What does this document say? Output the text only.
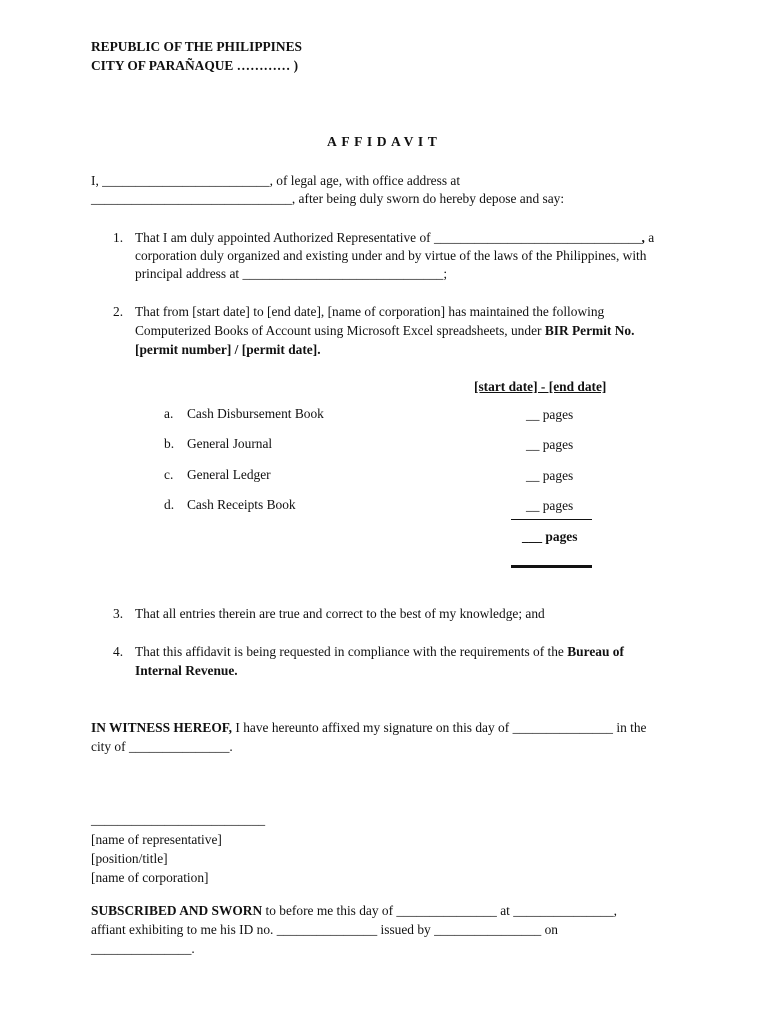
REPUBLIC OF THE PHILIPPINES
CITY OF PARAÑAQUE ………… )
AFFIDAVIT
I, _________________________, of legal age, with office address at
______________________________, after being duly sworn do hereby depose and say:
1. That I am duly appointed Authorized Representative of _______________________________, a
corporation duly organized and existing under and by virtue of the laws of the Philippines, with
principal address at ______________________________;
2. That from [start date] to [end date], [name of corporation] has maintained the following
Computerized Books of Account using Microsoft Excel spreadsheets, under BIR Permit No.
[permit number] / [permit date].
[start date] - [end date]
a. Cash Disbursement Book	__ pages
b. General Journal	__ pages
c. General Ledger	__ pages
d. Cash Receipts Book	__ pages
___ pages
3. That all entries therein are true and correct to the best of my knowledge; and
4. That this affidavit is being requested in compliance with the requirements of the Bureau of
Internal Revenue.
IN WITNESS HEREOF, I have hereunto affixed my signature on this day of _______________ in the
city of _______________.
__________________________
[name of representative]
[position/title]
[name of corporation]
SUBSCRIBED AND SWORN to before me this day of _______________ at _______________,
affiant exhibiting to me his ID no. _______________ issued by ________________ on
_______________.
